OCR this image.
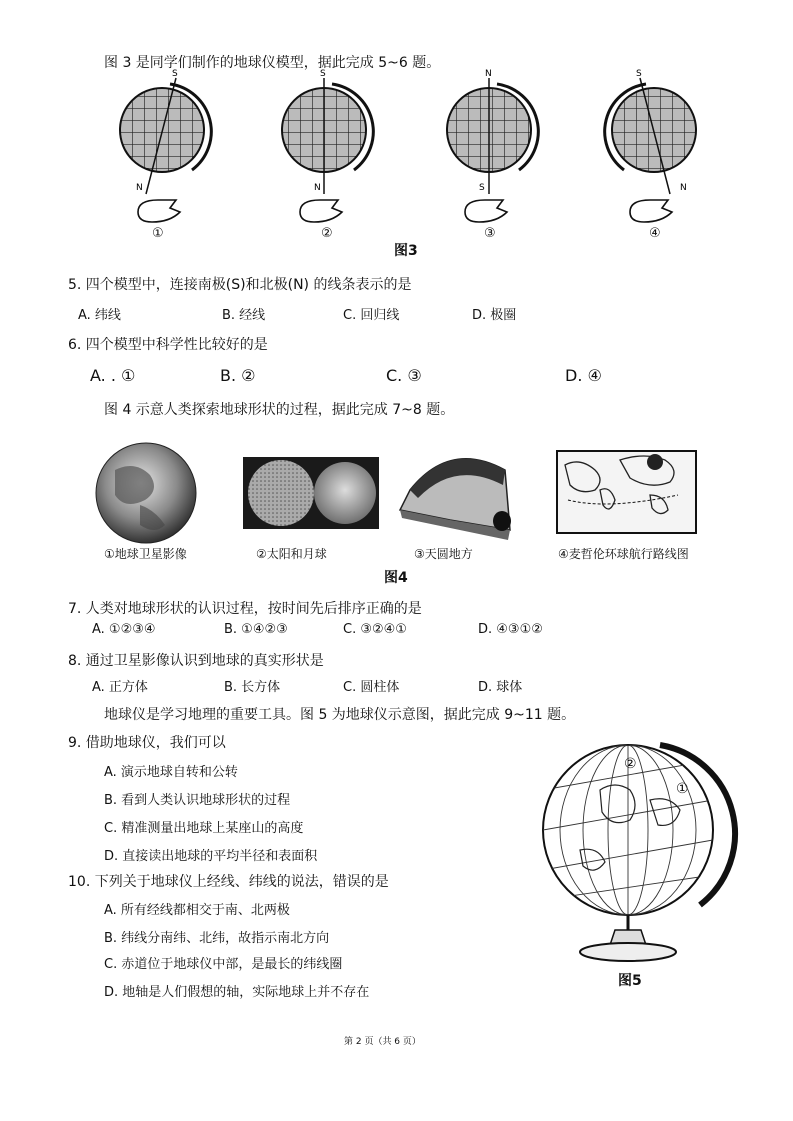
图 3 是同学们制作的地球仪模型，据此完成 5~6 题。
S
N
S
N
N
S
S
N
①	②	③	④
图3
5. 四个模型中，连接南极(S)和北极(N) 的线条表示的是
A. 纬线	B. 经线	C. 回归线	D. 极圈
6. 四个模型中科学性比较好的是
A. . ①	B. ②	C. ③	D. ④
图 4 示意人类探索地球形状的过程，据此完成 7~8 题。
①地球卫星影像	②太阳和月球	③天圆地方	④麦哲伦环球航行路线图
图4
7. 人类对地球形状的认识过程，按时间先后排序正确的是
A. ①②③④	B. ①④②③	C. ③②④①	D. ④③①②
8. 通过卫星影像认识到地球的真实形状是
A. 正方体	B. 长方体	C. 圆柱体	D. 球体
地球仪是学习地理的重要工具。图 5 为地球仪示意图，据此完成 9~11 题。
9. 借助地球仪，我们可以
A. 演示地球自转和公转
B. 看到人类认识地球形状的过程
C. 精准测量出地球上某座山的高度
D. 直接读出地球的平均半径和表面积
10. 下列关于地球仪上经线、纬线的说法，错误的是
A. 所有经线都相交于南、北两极
B. 纬线分南纬、北纬，故指示南北方向
C. 赤道位于地球仪中部，是最长的纬线圈
D. 地轴是人们假想的轴，实际地球上并不存在
②
①
图5
第 2 页（共 6 页）
